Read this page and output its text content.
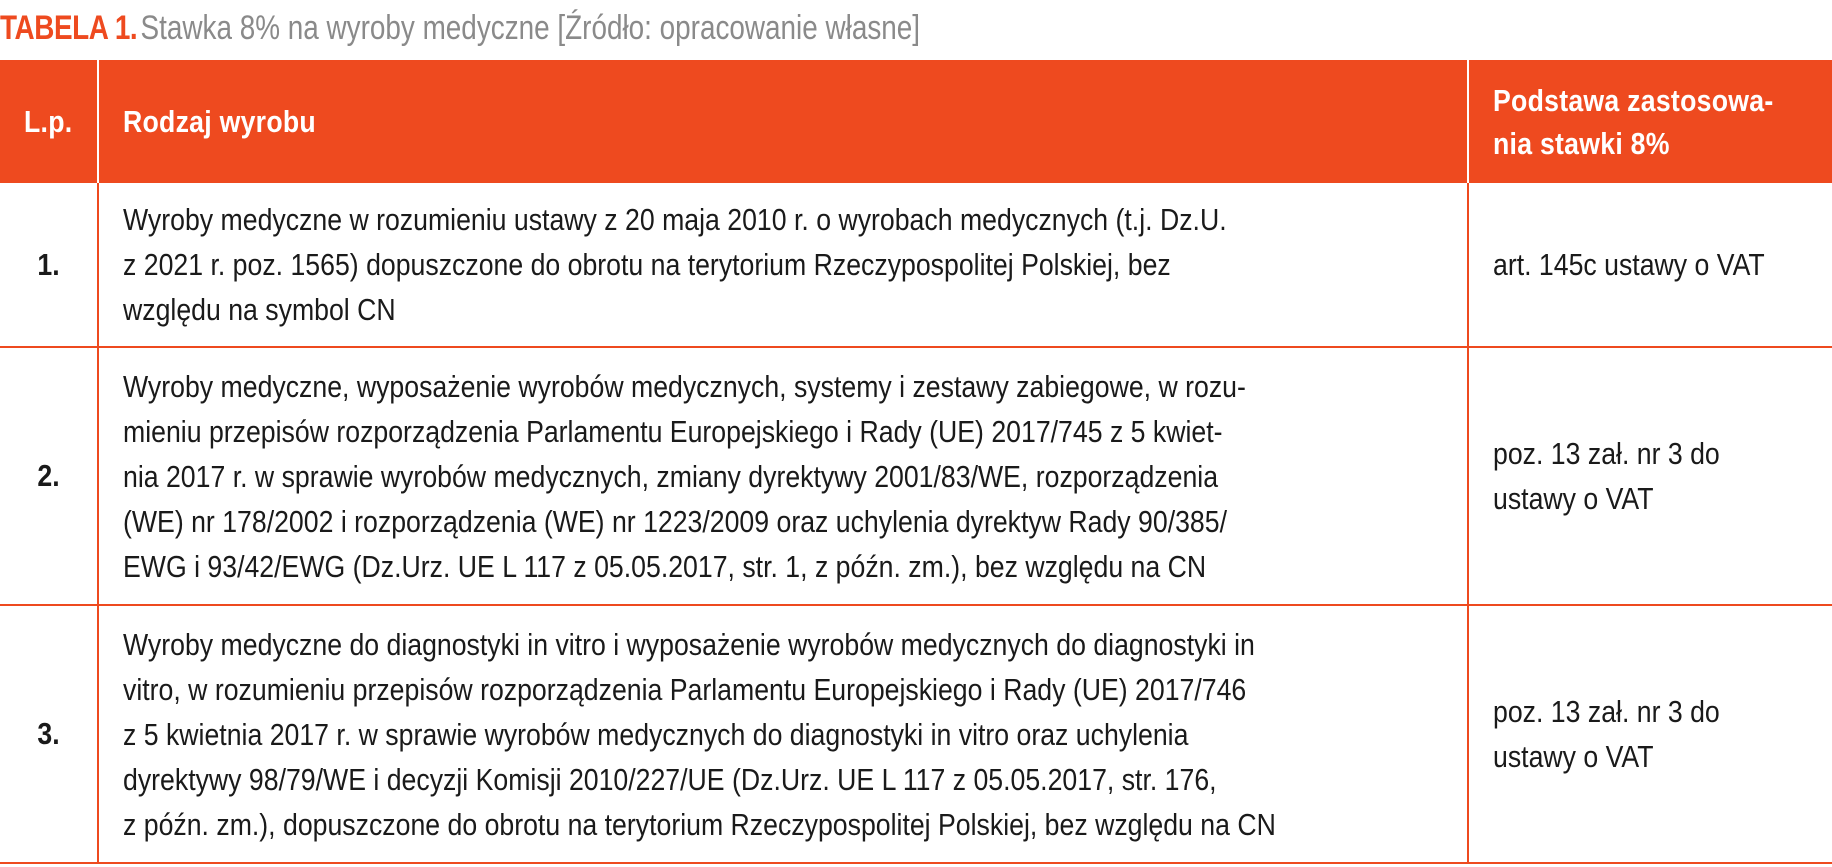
TABELA 1.Stawka 8% na wyroby medyczne [Źródło: opracowanie własne]
L.p.	Rodzaj wyrobu	Podstawa zastosowa-
nia stawki 8%

1.	Wyroby medyczne w rozumieniu ustawy z 20 maja 2010 r. o wyrobach medycznych (t.j. Dz.U.
z 2021 r. poz. 1565) dopuszczone do obrotu na terytorium Rzeczypospolitej Polskiej, bez
względu na symbol CN	art. 145c ustawy o VAT

2.	Wyroby medyczne, wyposażenie wyrobów medycznych, systemy i zestawy zabiegowe, w rozu-
mieniu przepisów rozporządzenia Parlamentu Europejskiego i Rady (UE) 2017/745 z 5 kwiet-
nia 2017 r. w sprawie wyrobów medycznych, zmiany dyrektywy 2001/83/WE, rozporządzenia
(WE) nr 178/2002 i rozporządzenia (WE) nr 1223/2009 oraz uchylenia dyrektyw Rady 90/385/
EWG i 93/42/EWG (Dz.Urz. UE L 117 z 05.05.2017, str. 1, z późn. zm.), bez względu na CN	poz. 13 zał. nr 3 do
ustawy o VAT

3.	Wyroby medyczne do diagnostyki in vitro i wyposażenie wyrobów medycznych do diagnostyki in
vitro, w rozumieniu przepisów rozporządzenia Parlamentu Europejskiego i Rady (UE) 2017/746
z 5 kwietnia 2017 r. w sprawie wyrobów medycznych do diagnostyki in vitro oraz uchylenia
dyrektywy 98/79/WE i decyzji Komisji 2010/227/UE (Dz.Urz. UE L 117 z 05.05.2017, str. 176,
z późn. zm.), dopuszczone do obrotu na terytorium Rzeczypospolitej Polskiej, bez względu na CN	poz. 13 zał. nr 3 do
ustawy o VAT
